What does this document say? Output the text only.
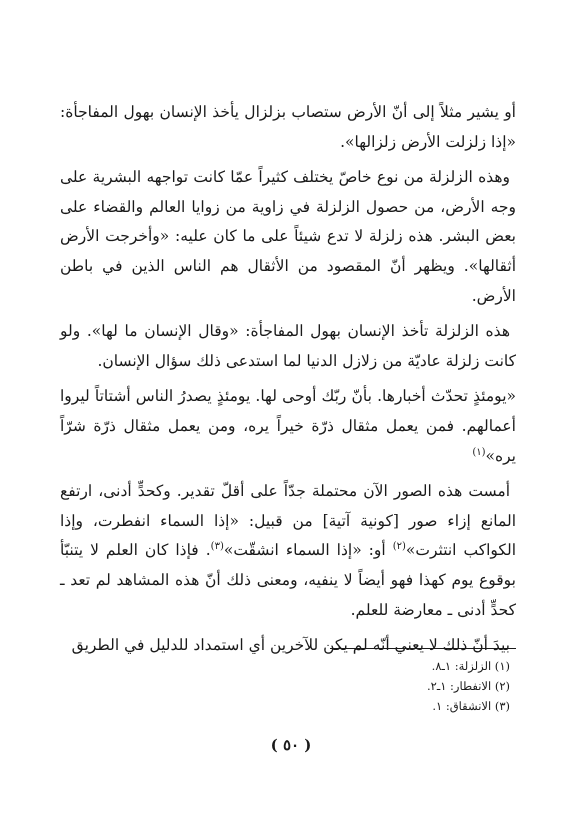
أو يشير مثلاً إلى أنّ الأرض ستصاب بزلزال يأخذ الإنسان بهول المفاجأة: «إذا زلزلت الأرض زلزالها».

وهذه الزلزلة من نوع خاصّ يختلف كثيراً عمّا كانت تواجهه البشرية على وجه الأرض، من حصول الزلزلة في زاوية من زوايا العالم والقضاء على بعض البشر. هذه زلزلة لا تدع شيئاً على ما كان عليه: «وأخرجت الأرض أثقالها». ويظهر أنّ المقصود من الأثقال هم الناس الذين في باطن الأرض.

هذه الزلزلة تأخذ الإنسان بهول المفاجأة: «وقال الإنسان ما لها». ولو كانت زلزلة عاديّة من زلازل الدنيا لما استدعى ذلك سؤال الإنسان.

«يومئذٍ تحدّث أخبارها. بأنّ ربّك أوحى لها. يومئذٍ يصدرُ الناس أشتاتاً ليروا أعمالهم. فمن يعمل مثقال ذرّة خيراً يره، ومن يعمل مثقال ذرّة شرّاً يره»$^{(١)}$

أمست هذه الصور الآن محتملة جدّاً على أقلّ تقدير. وكحدٍّ أدنى، ارتفع المانع إزاء صور [كونية آتية] من قبيل: «إذا السماء انفطرت، وإذا الكواكب انتثرت»$^{(٢)}$ أو: «إذا السماء انشقّت»$^{(٣)}$. فإذا كان العلم لا يتنبّأ بوقوع يوم كهذا فهو أيضاً لا ينفيه، ومعنى ذلك أنّ هذه المشاهد لم تعد ـ كحدٍّ أدنى ـ معارضة للعلم.

بيدَ أنّ ذلك لا يعني أنّه لم يكن للآخرين أي استمداد للدليل في الطريق

(١) الزلزلة: ١ـ٨.
(٢) الانفطار: ١ـ٢.
(٣) الانشقاق: ١.
( ٥٠ )
